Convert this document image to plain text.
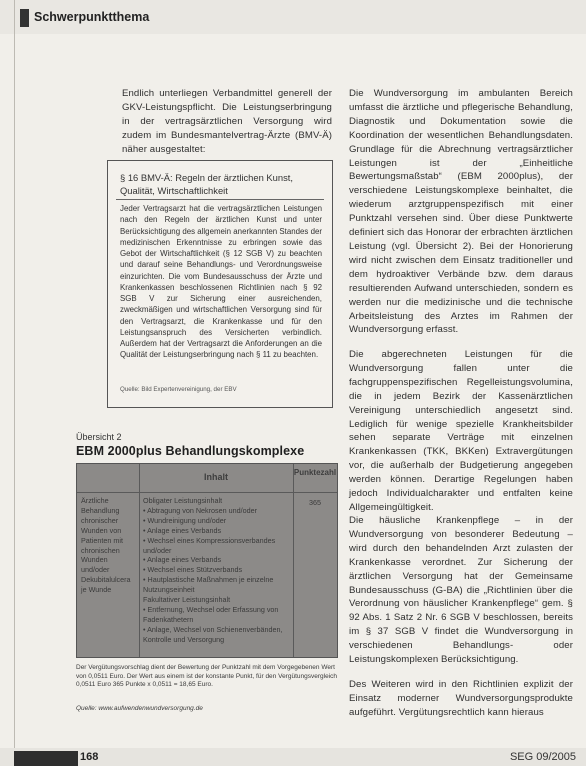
Schwerpunktthema

Endlich unterliegen Verbandmittel generell der GKV-Leistungspflicht. Die Leistungserbringung in der vertragsärztlichen Versorgung wird zudem im Bundesmantelvertrag-Ärzte (BMV-Ä) näher ausgestaltet:

§ 16 BMV-Ä: Regeln der ärztlichen Kunst, Qualität, Wirtschaftlichkeit

Jeder Vertragsarzt hat die vertragsärztlichen Leistungen nach den Regeln der ärztlichen Kunst und unter Berücksichtigung des allgemein anerkannten Standes der medizinischen Erkenntnisse zu erbringen sowie das Gebot der Wirtschaftlichkeit (§ 12 SGB V) zu beachten und darauf seine Behandlungs- und Verordnungsweise einzurichten. Die vom Bundesausschuss der Ärzte und Krankenkassen beschlossenen Richtlinien nach § 92 SGB V zur Sicherung einer ausreichenden, zweckmäßigen und wirtschaftlichen Versorgung sind für den Vertragsarzt, die Krankenkasse und für den Leistungsanspruch des Versicherten verbindlich. Außerdem hat der Vertragsarzt die Anforderungen an die Qualität der Leistungserbringung nach § 11 zu beachten.

Quelle: Bild Expertenvereinigung, der EBV

Übersicht 2
EBM 2000plus Behandlungskomplexe
Inhalt	Punktezahl

Ärztliche Behandlung chronischer Wunden von Patienten mit chronischen Wunden und/oder Dekubitalulcera je Wunde

Obligater Leistungsinhalt
• Abtragung von Nekrosen und/oder
• Wundreinigung und/oder
• Anlage eines Verbands
• Wechsel eines Kompressionsverbandes und/oder
• Anlage eines Verbands
• Wechsel eines Stützverbands
• Hautplastische Maßnahmen je einzelne Nutzungseinheit
Fakultativer Leistungsinhalt
• Entfernung, Wechsel oder Erfassung von Fadenkathetern
• Anlage, Wechsel von Schienenverbänden, Kontrolle und Versorgung
365

Der Vergütungsvorschlag dient der Bewertung der Punktzahl mit dem Vorgegebenen Wert von 0,0511 Euro. Der Wert aus einem ist der konstante Punkt, für den Vergütungsvergleich 0,0511 Euro 365 Punkte x 0,0511 = 18,65 Euro.

Quelle: www.aufwendenwundversorgung.de

Die Wundversorgung im ambulanten Bereich umfasst die ärztliche und pflegerische Behandlung, Diagnostik und Dokumentation sowie die Koordination der wesentlichen Behandlungsdaten. Grundlage für die Abrechnung vertragsärztlicher Leistungen ist der „Einheitliche Bewertungsmaßstab“ (EBM 2000plus), der verschiedene Leistungskomplexe beinhaltet, die wiederum arztgruppenspezifisch mit einer Punktzahl versehen sind. Über diese Punktwerte definiert sich das Honorar der erbrachten ärztlichen Leistung (vgl. Übersicht 2). Bei der Honorierung wird nicht zwischen dem Einsatz traditioneller und dem hydroaktiver Verbände bzw. dem daraus resultierenden Aufwand unterschieden, sondern es werden nur die medizinische und die technische Arbeitsleistung des Arztes im Rahmen der Wundversorgung erfasst.

Die abgerechneten Leistungen für die Wundversorgung fallen unter die fachgruppenspezifischen Regelleistungsvolumina, die in jedem Bezirk der Kassenärztlichen Vereinigung unterschiedlich angesetzt sind. Lediglich für wenige spezielle Krankheitsbilder sehen separate Verträge mit einzelnen Krankenkassen (TKK, BKKen) Extravergütungen vor, die außerhalb der Budgetierung angegeben werden können. Derartige Regelungen haben jedoch Individualcharakter und entfalten keine Allgemeingültigkeit.

Die häusliche Krankenpflege – in der Wundversorgung von besonderer Bedeutung – wird durch den behandelnden Arzt zulasten der Krankenkasse verordnet. Zur Sicherung der ärztlichen Versorgung hat der Gemeinsame Bundesausschuss (G-BA) die „Richtlinien über die Verordnung von häuslicher Krankenpflege“ gem. § 92 Abs. 1 Satz 2 Nr. 6 SGB V beschlossen, bereits im § 37 SGB V findet die Wundversorgung in verschiedenen Behandlungs- oder Leistungskomplexen Berücksichtigung.

Des Weiteren wird in den Richtlinien explizit der Einsatz moderner Wundversorgungsprodukte aufgeführt. Vergütungsrechtlich kann hieraus

168	SEG 09/2005
